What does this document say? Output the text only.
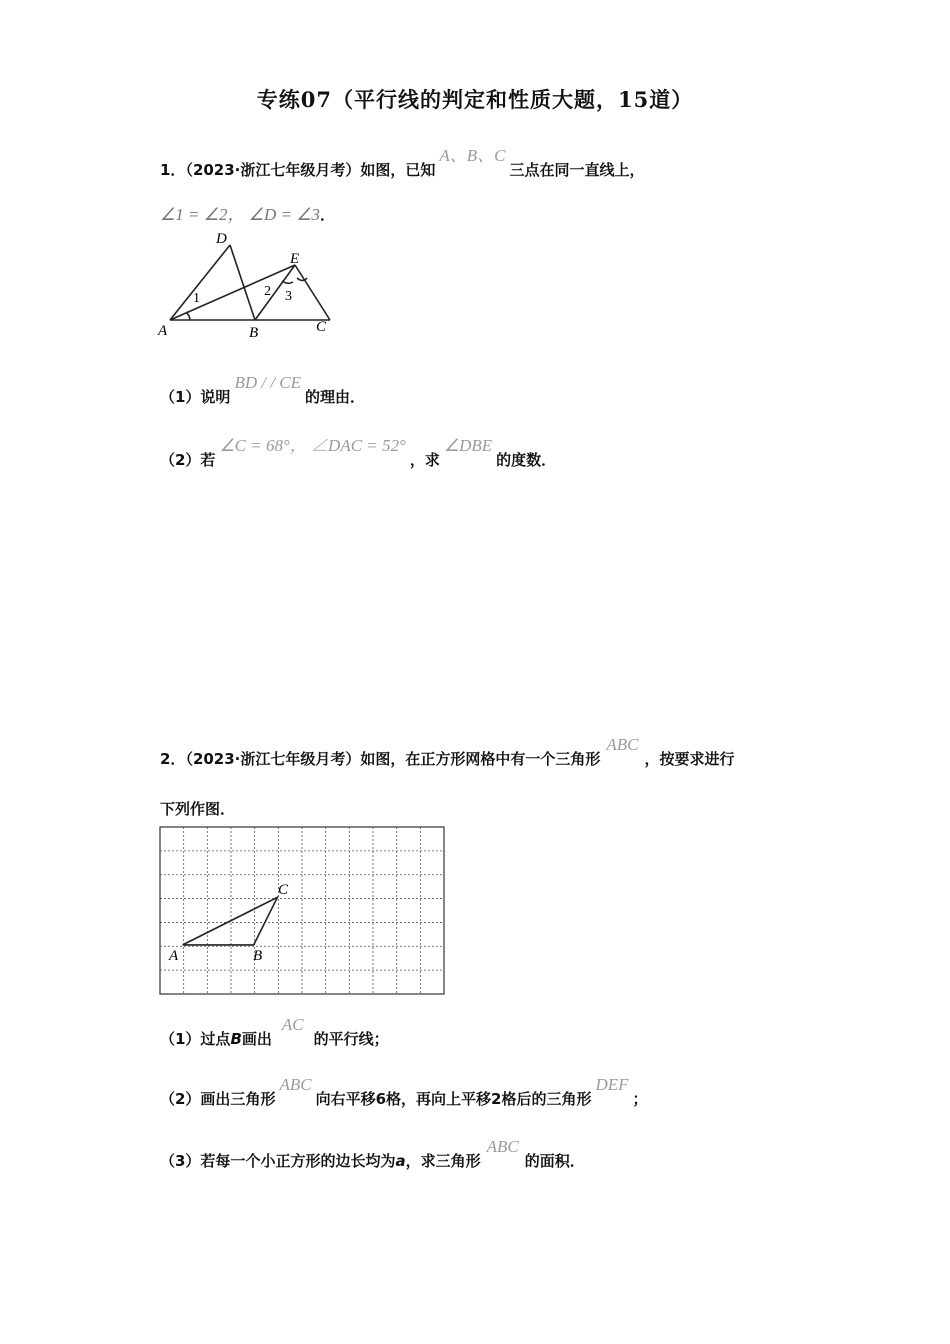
专练07（平行线的判定和性质大题，15道）
1．（2023·浙江七年级月考）如图，已知A、B、C三点在同一直线上，
∠1 = ∠2， ∠D = ∠3．
D
E
A	B	C
1	2 3
（1）说明BD / / CE的理由．
（2）若∠C = 68°， ∠DAC = 52°，求∠DBE的度数．
2．（2023·浙江七年级月考）如图，在正方形网格中有一个三角形ABC，按要求进行
下列作图．
A	B
C
（1）过点B画出AC的平行线；
（2）画出三角形ABC向右平移6格，再向上平移2格后的三角形DEF；
（3）若每一个小正方形的边长均为a，求三角形ABC的面积．
